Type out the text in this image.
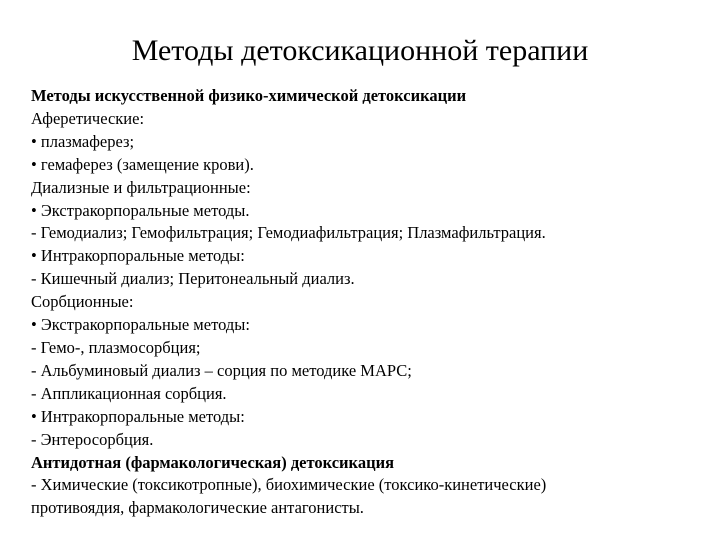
Методы детоксикационной терапии
Методы искусственной физико-химической детоксикации
Аферетические:
• плазмаферез;
• гемаферез (замещение крови).
Диализные и фильтрационные:
• Экстракорпоральные методы.
- Гемодиализ; Гемофильтрация; Гемодиафильтрация; Плазмафильтрация.
• Интракорпоральные методы:
- Кишечный диализ; Перитонеальный диализ.
Сорбционные:
• Экстракорпоральные методы:
- Гемо-, плазмосорбция;
- Альбуминовый диализ – сорция по методике МАРС;
- Аппликационная сорбция.
• Интракорпоральные методы:
- Энтеросорбция.
Антидотная (фармакологическая) детоксикация
- Химические (токсикотропные), биохимические (токсико-кинетические)
противоядия, фармакологические антагонисты.
